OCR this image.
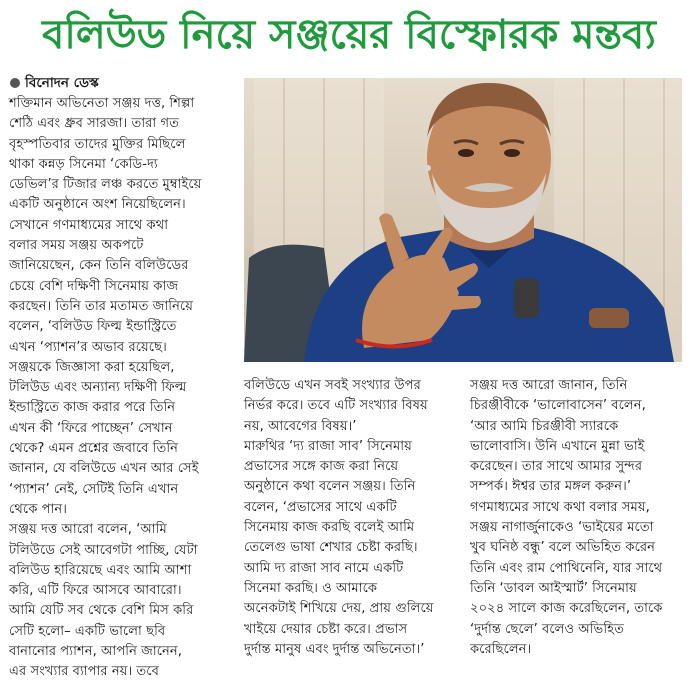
বলিউড নিয়ে সঞ্জয়ের বিস্ফোরক মন্তব্য
বিনোদন ডেস্ক

শক্তিমান অভিনেতা সঞ্জয় দত্ত, শিল্পা
শেঠি এবং ধ্রুব সারজা। তারা গত
বৃহস্পতিবার তাদের মুক্তির মিছিলে
থাকা কন্নড় সিনেমা ‘কেডি-দ্য
ডেভিল’র টিজার লঞ্চ করতে মুম্বাইয়ে
একটি অনুষ্ঠানে অংশ নিয়েছিলেন।
সেখানে গণমাধ্যমের সাথে কথা
বলার সময় সঞ্জয় অকপটে
জানিয়েছেন, কেন তিনি বলিউডের
চেয়ে বেশি দক্ষিণী সিনেমায় কাজ
করছেন। তিনি তার মতামত জানিয়ে
বলেন, ‘বলিউড ফিল্ম ইন্ডাস্ট্রিতে
এখন ‘প্যাশন’র অভাব রয়েছে।
সঞ্জয়কে জিজ্ঞাসা করা হয়েছিল,
টলিউড এবং অন্যান্য দক্ষিণী ফিল্ম
ইন্ডাস্ট্রিতে কাজ করার পরে তিনি
এখন কী ‘ফিরে পাচ্ছেন’ সেখান
থেকে? এমন প্রশ্নের জবাবে তিনি
জানান, যে বলিউডে এখন আর সেই
‘প্যাশন’ নেই, সেটিই তিনি এখান
থেকে পান।
সঞ্জয় দত্ত আরো বলেন, ‘আমি
টলিউডে সেই আবেগটা পাচ্ছি, যেটা
বলিউড হারিয়েছে এবং আমি আশা
করি, এটি ফিরে আসবে আবারো।
আমি যেটি সব থেকে বেশি মিস করি
সেটি হলো– একটি ভালো ছবি
বানানোর প্যাশন, আপনি জানেন,
এর সংখ্যার ব্যাপার নয়। তবে

বলিউডে এখন সবই সংখ্যার উপর
নির্ভর করে। তবে এটি সংখ্যার বিষয়
নয়, আবেগের বিষয়।’
মারুথির ‘দ্য রাজা সাব’ সিনেমায়
প্রভাসের সঙ্গে কাজ করা নিয়ে
অনুষ্ঠানে কথা বলেন সঞ্জয়। তিনি
বলেন, ‘প্রভাসের সাথে একটি
সিনেমায় কাজ করছি বলেই আমি
তেলেগু ভাষা শেখার চেষ্টা করছি।
আমি দ্য রাজা সাব নামে একটি
সিনেমা করছি। ও আমাকে
অনেকটাই শিখিয়ে দেয়, প্রায় গুলিয়ে
খাইয়ে দেয়ার চেষ্টা করে। প্রভাস
দুর্দান্ত মানুষ এবং দুর্দান্ত অভিনেতা।’

সঞ্জয় দত্ত আরো জানান, তিনি
চিরঞ্জীবীকে ‘ভালোবাসেন’ বলেন,
‘আর আমি চিরঞ্জীবী স্যারকে
ভালোবাসি। উনি এখানে মুন্না ভাই
করেছেন। তার সাথে আমার সুন্দর
সম্পর্ক। ঈশ্বর তার মঙ্গল করুন।’
গণমাধ্যমের সাথে কথা বলার সময়,
সঞ্জয় নাগার্জুনাকেও ‘ভাইয়ের মতো
খুব ঘনিষ্ঠ বন্ধু’ বলে অভিহিত করেন
তিনি এবং রাম পোথিনেনি, যার সাথে
তিনি ‘ডাবল আইস্মার্ট’ সিনেমায়
২০২৪ সালে কাজ করেছিলেন, তাকে
‘দুর্দান্ত ছেলে’ বলেও অভিহিত
করেছিলেন।
